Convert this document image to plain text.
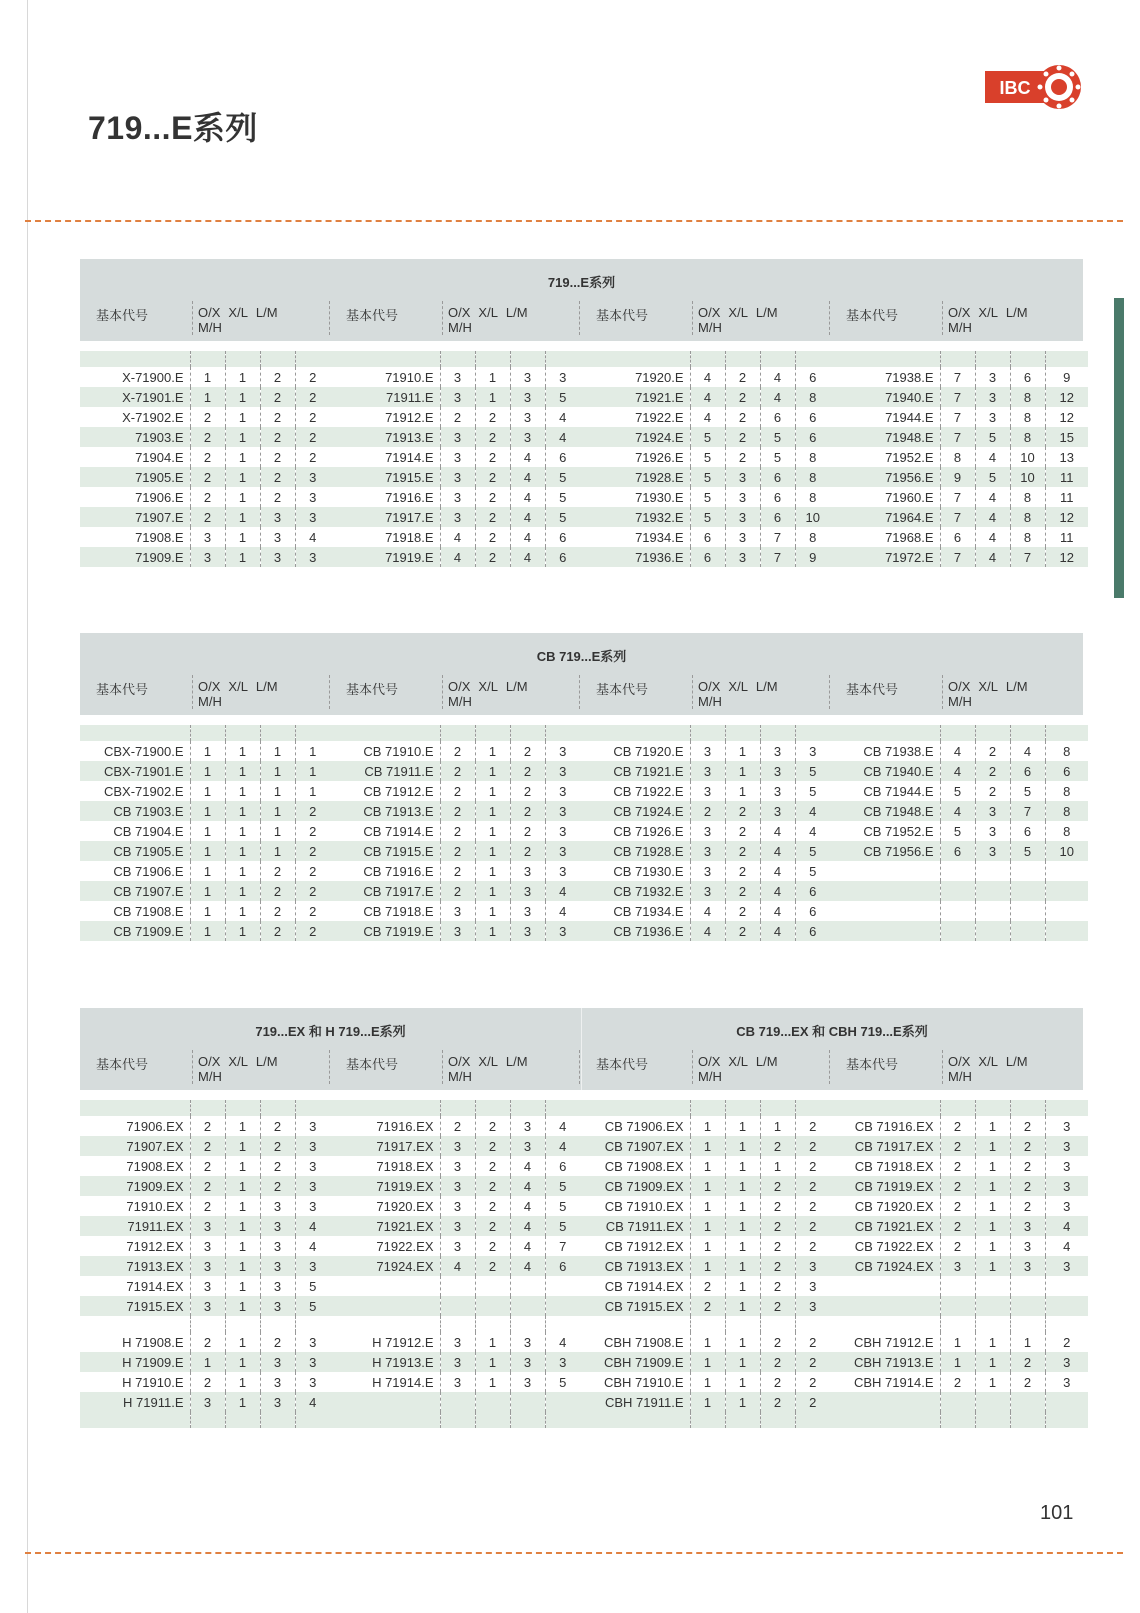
719...E系列
IBC
719...E系列
基本代号	O/X X/L L/M
M/H
基本代号	O/X X/L L/M
M/H
基本代号	O/X X/L L/M
M/H
基本代号	O/X X/L L/M
M/H

X-71900.E	1	1	2	2	71910.E	3	1	3	3	71920.E	4	2	4	6	71938.E	7	3	6	9
X-71901.E	1	1	2	2	71911.E	3	1	3	5	71921.E	4	2	4	8	71940.E	7	3	8	12
X-71902.E	2	1	2	2	71912.E	2	2	3	4	71922.E	4	2	6	6	71944.E	7	3	8	12
71903.E	2	1	2	2	71913.E	3	2	3	4	71924.E	5	2	5	6	71948.E	7	5	8	15
71904.E	2	1	2	2	71914.E	3	2	4	6	71926.E	5	2	5	8	71952.E	8	4	10	13
71905.E	2	1	2	3	71915.E	3	2	4	5	71928.E	5	3	6	8	71956.E	9	5	10	11
71906.E	2	1	2	3	71916.E	3	2	4	5	71930.E	5	3	6	8	71960.E	7	4	8	11
71907.E	2	1	3	3	71917.E	3	2	4	5	71932.E	5	3	6	10	71964.E	7	4	8	12
71908.E	3	1	3	4	71918.E	4	2	4	6	71934.E	6	3	7	8	71968.E	6	4	8	11
71909.E	3	1	3	3	71919.E	4	2	4	6	71936.E	6	3	7	9	71972.E	7	4	7	12
CB 719...E系列
基本代号	O/X X/L L/M
M/H
基本代号	O/X X/L L/M
M/H
基本代号	O/X X/L L/M
M/H
基本代号	O/X X/L L/M
M/H

CBX-71900.E	1	1	1	1	CB 71910.E	2	1	2	3	CB 71920.E	3	1	3	3	CB 71938.E	4	2	4	8
CBX-71901.E	1	1	1	1	CB 71911.E	2	1	2	3	CB 71921.E	3	1	3	5	CB 71940.E	4	2	6	6
CBX-71902.E	1	1	1	1	CB 71912.E	2	1	2	3	CB 71922.E	3	1	3	5	CB 71944.E	5	2	5	8
CB 71903.E	1	1	1	2	CB 71913.E	2	1	2	3	CB 71924.E	2	2	3	4	CB 71948.E	4	3	7	8
CB 71904.E	1	1	1	2	CB 71914.E	2	1	2	3	CB 71926.E	3	2	4	4	CB 71952.E	5	3	6	8
CB 71905.E	1	1	1	2	CB 71915.E	2	1	2	3	CB 71928.E	3	2	4	5	CB 71956.E	6	3	5	10
CB 71906.E	1	1	2	2	CB 71916.E	2	1	3	3	CB 71930.E	3	2	4	5					
CB 71907.E	1	1	2	2	CB 71917.E	2	1	3	4	CB 71932.E	3	2	4	6					
CB 71908.E	1	1	2	2	CB 71918.E	3	1	3	4	CB 71934.E	4	2	4	6					
CB 71909.E	1	1	2	2	CB 71919.E	3	1	3	3	CB 71936.E	4	2	4	6					
719...EX 和 H 719...E系列	CB 719...EX 和 CBH 719...E系列
基本代号	O/X X/L L/M
M/H
基本代号	O/X X/L L/M
M/H
基本代号	O/X X/L L/M
M/H
基本代号	O/X X/L L/M
M/H

71906.EX	2	1	2	3	71916.EX	2	2	3	4	CB 71906.EX	1	1	1	2	CB 71916.EX	2	1	2	3
71907.EX	2	1	2	3	71917.EX	3	2	3	4	CB 71907.EX	1	1	2	2	CB 71917.EX	2	1	2	3
71908.EX	2	1	2	3	71918.EX	3	2	4	6	CB 71908.EX	1	1	1	2	CB 71918.EX	2	1	2	3
71909.EX	2	1	2	3	71919.EX	3	2	4	5	CB 71909.EX	1	1	2	2	CB 71919.EX	2	1	2	3
71910.EX	2	1	3	3	71920.EX	3	2	4	5	CB 71910.EX	1	1	2	2	CB 71920.EX	2	1	2	3
71911.EX	3	1	3	4	71921.EX	3	2	4	5	CB 71911.EX	1	1	2	2	CB 71921.EX	2	1	3	4
71912.EX	3	1	3	4	71922.EX	3	2	4	7	CB 71912.EX	1	1	2	2	CB 71922.EX	2	1	3	4
71913.EX	3	1	3	3	71924.EX	4	2	4	6	CB 71913.EX	1	1	2	3	CB 71924.EX	3	1	3	3
71914.EX	3	1	3	5						CB 71914.EX	2	1	2	3					
71915.EX	3	1	3	5						CB 71915.EX	2	1	2	3					

H 71908.E	2	1	2	3	H 71912.E	3	1	3	4	CBH 71908.E	1	1	2	2	CBH 71912.E	1	1	1	2
H 71909.E	1	1	3	3	H 71913.E	3	1	3	3	CBH 71909.E	1	1	2	2	CBH 71913.E	1	1	2	3
H 71910.E	2	1	3	3	H 71914.E	3	1	3	5	CBH 71910.E	1	1	2	2	CBH 71914.E	2	1	2	3
H 71911.E	3	1	3	4						CBH 71911.E	1	1	2	2					

101
